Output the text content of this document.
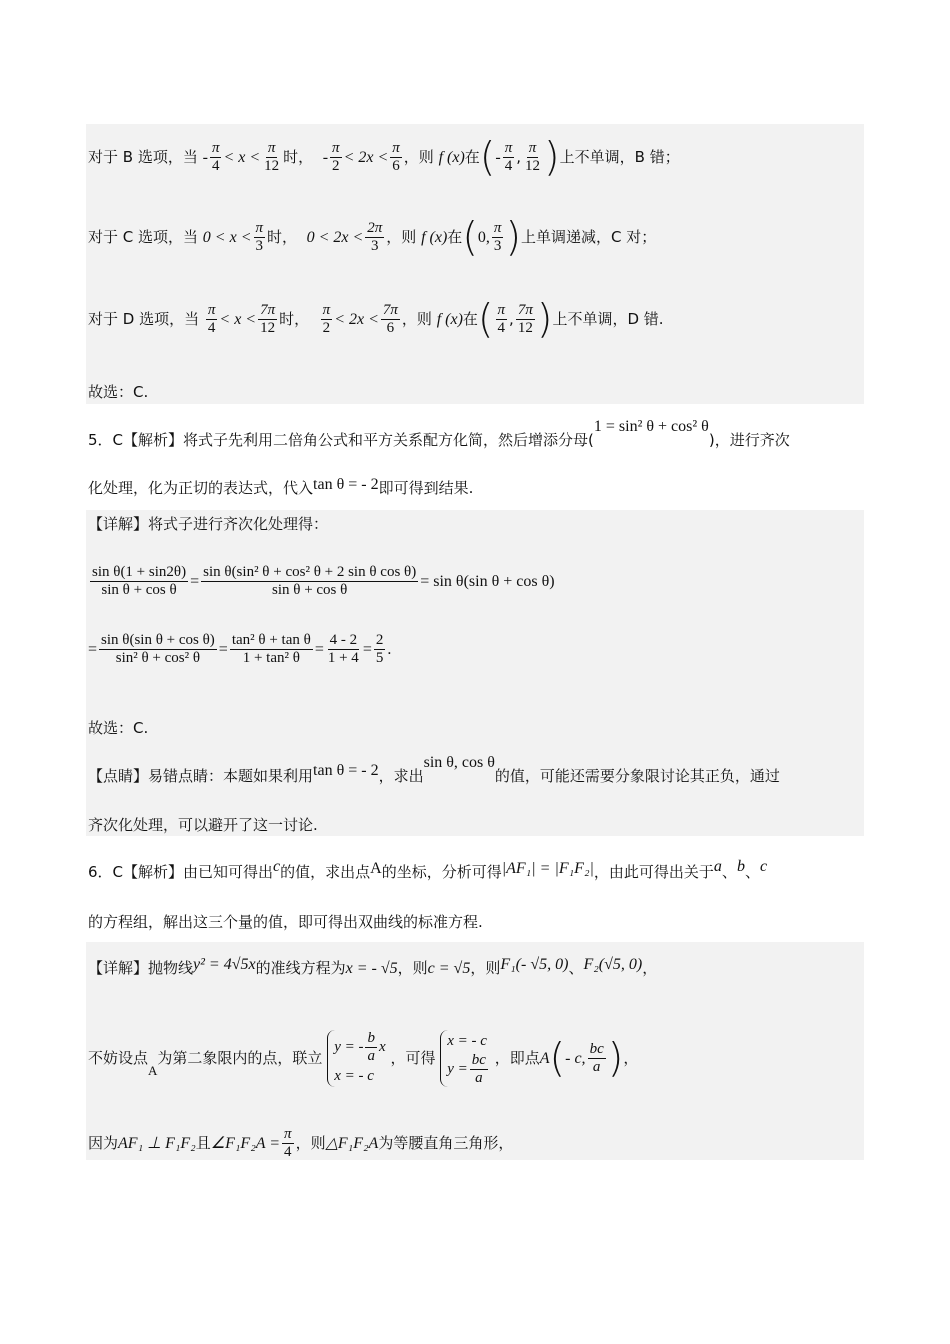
对于 B 选项，当 - $\frac{\pi}{4} < x < \frac{\pi}{12}$ 时， - $\frac{\pi}{2} < 2x < \frac{\pi}{6}$ ，则 f (x)在(- $\frac{\pi}{4}$ , $\frac{\pi}{12}$ )上不单调，B 错；
对于 C 选项，当 $0 < x < \frac{\pi}{3}$ 时， $0 < 2x < \frac{2\pi}{3}$ ，则 f (x)在(0, $\frac{\pi}{3}$ )上单调递减，C 对；
对于 D 选项，当 $\frac{\pi}{4} < x < \frac{7\pi}{12}$ 时， $\frac{\pi}{2} < 2x < \frac{7\pi}{6}$ ，则 f (x)在( $\frac{\pi}{4}$ , $\frac{7\pi}{12}$ )上不单调，D 错.
故选：C.
5．C【解析】将式子先利用二倍角公式和平方关系配方化简，然后增添分母(1 = sin² θ + cos² θ)，进行齐次
化处理，化为正切的表达式，代入tan θ = - 2即可得到结果.
【详解】将式子进行齐次化处理得：
$\frac{\text{sin θ(1 + sin2θ)}}{\text{sin θ + cos θ}} = \frac{\text{sin θ(sin² θ + cos² θ + 2 sin θ cos θ)}}{\text{sin θ + cos θ}} = \sin \theta(\sin$ θ + cos θ)
= $\frac{\text{sin θ(sin θ + cos θ)}}{\text{sin² θ + cos² θ}} = \frac{\text{tan² θ + tan θ}}{\text{1 + tan² θ}} = \frac{4 - 2}{1 + 4} = \frac{2}{5}$ .
故选：C.
【点睛】易错点睛：本题如果利用tan θ = - 2，求出sin θ, cos θ的值，可能还需要分象限讨论其正负，通过
齐次化处理，可以避开了这一讨论.
6．C【解析】由已知可得出c的值，求出点A的坐标，分析可得|AF₁| = |F₁F₂|，由此可得出关于a、b、c
的方程组，解出这三个量的值，即可得出双曲线的标准方程.
【详解】抛物线y² = 4√5x的准线方程为x = - √5，则c = √5，则F₁(- √5, 0)、F₂(√5, 0)，
不妨设点A为第二象限内的点，联立
y = - $\frac{b}{a}$ x
x = - c
，可得
x = - c
$y = \frac{bc}{a}$ ，即点A(- c, $\frac{bc}{a}$ )，
因为AF₁ ⊥ F₁F₂且∠F₁F₂A = $\frac{\pi}{4}$ ，则△F₁F₂A为等腰直角三角形，
